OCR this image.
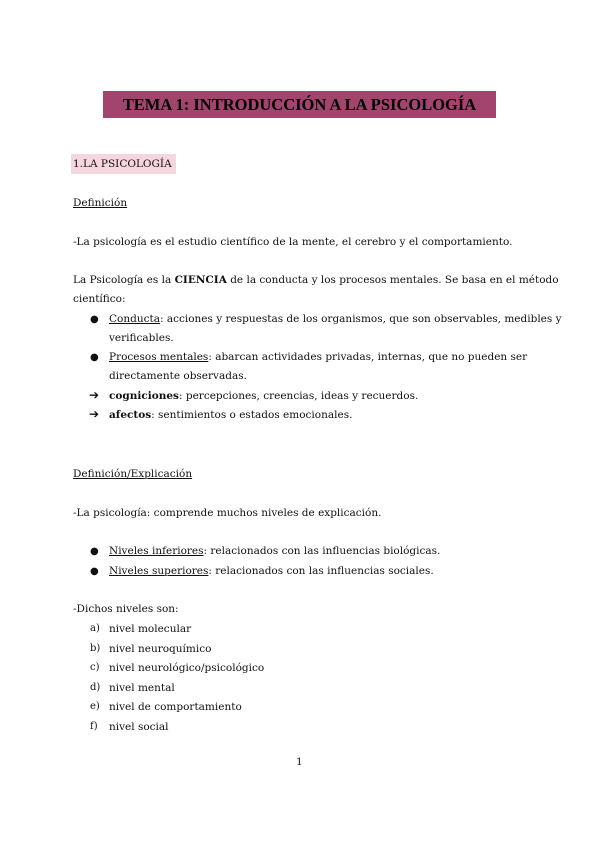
TEMA 1: INTRODUCCIÓN A LA PSICOLOGÍA
1.LA PSICOLOGÍA
Definición
-La psicología es el estudio científico de la mente, el cerebro y el comportamiento.
La Psicología es la CIENCIA de la conducta y los procesos mentales. Se basa en el método
científico:
● Conducta: acciones y respuestas de los organismos, que son observables, medibles y
verificables.
● Procesos mentales: abarcan actividades privadas, internas, que no pueden ser
directamente observadas.
➔ cogniciones: percepciones, creencias, ideas y recuerdos.
➔ afectos: sentimientos o estados emocionales.
Definición/Explicación
-La psicología: comprende muchos niveles de explicación.
● Niveles inferiores: relacionados con las influencias biológicas.
● Niveles superiores: relacionados con las influencias sociales.
-Dichos niveles son:
a) nivel molecular
b) nivel neuroquímico
c) nivel neurológico/psicológico
d) nivel mental
e) nivel de comportamiento
f) nivel social
1
